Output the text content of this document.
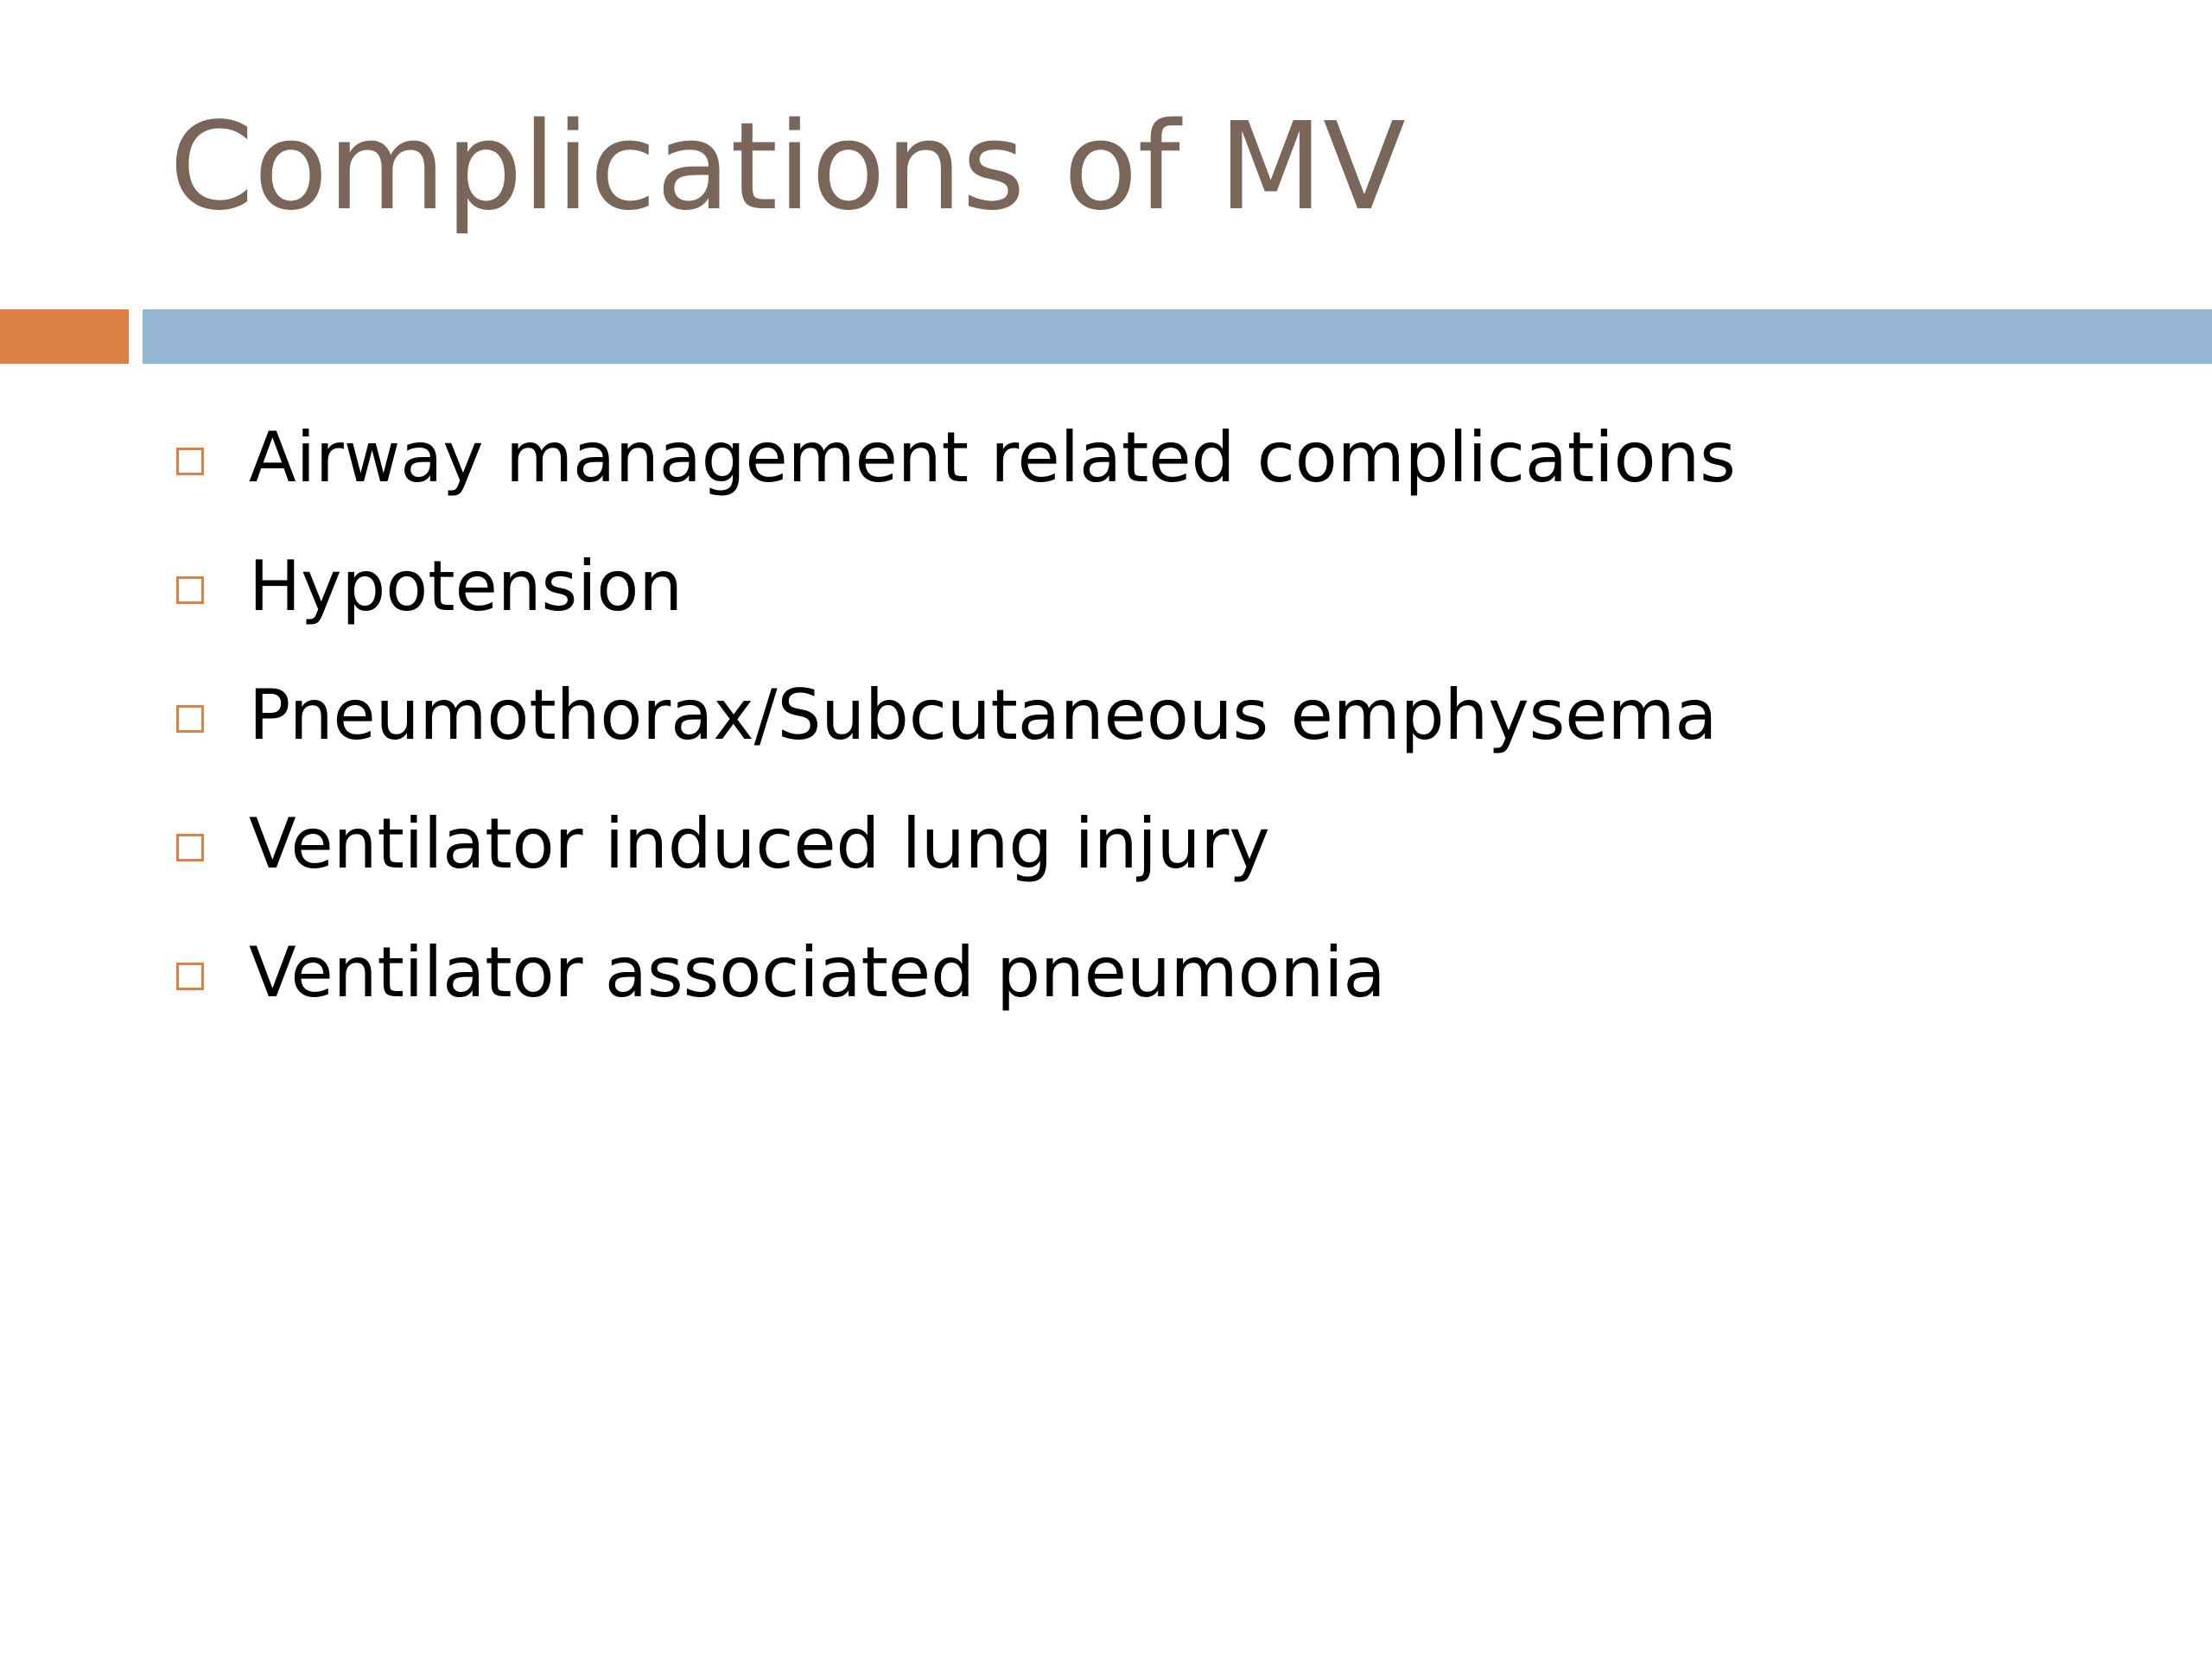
Complications of MV
Airway management related complications
Hypotension
Pneumothorax/Subcutaneous emphysema
Ventilator induced lung injury
Ventilator associated pneumonia
